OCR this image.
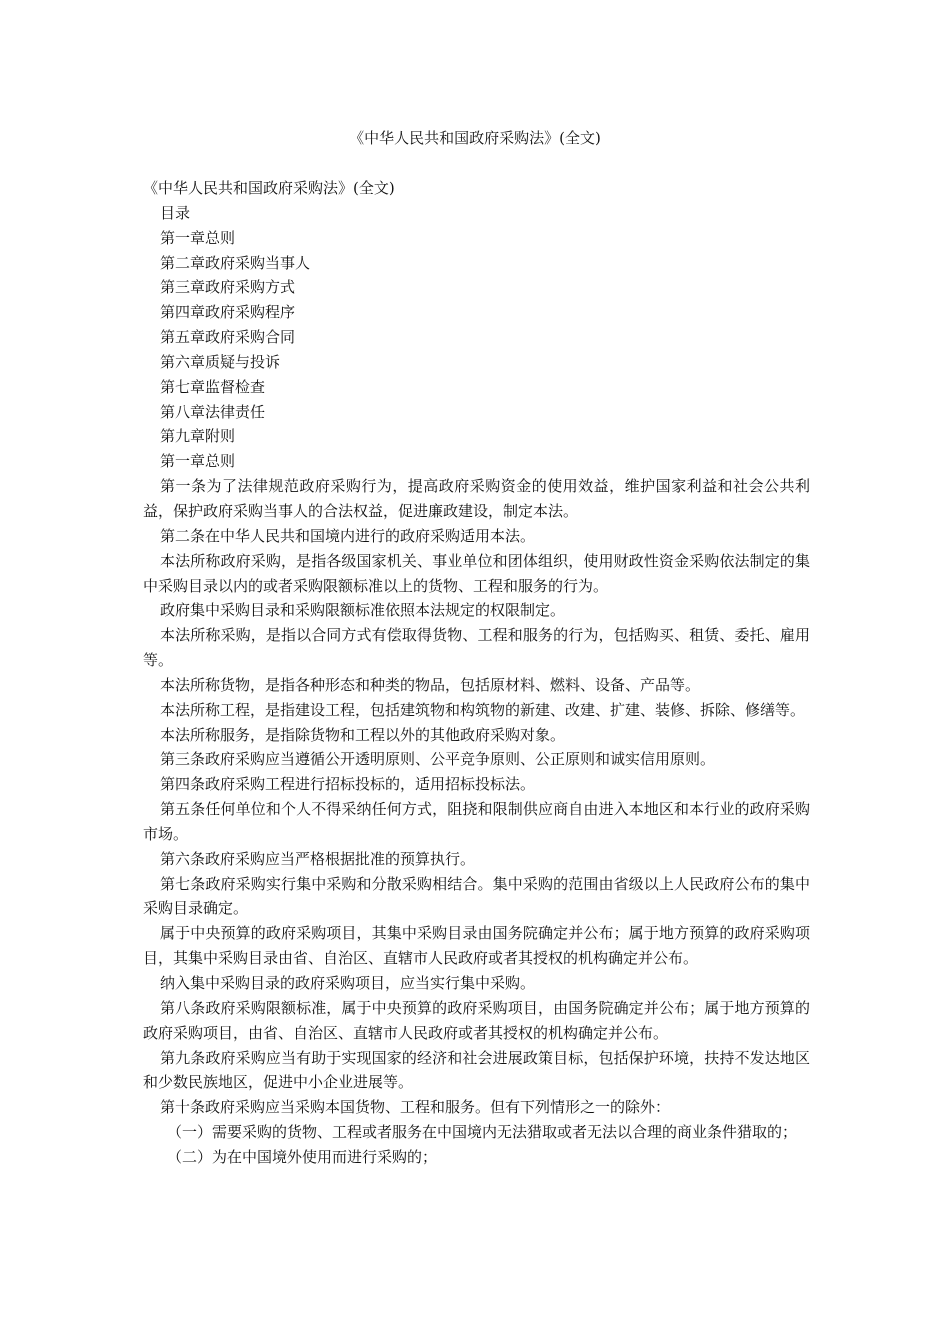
《中华人民共和国政府采购法》(全文)

《中华人民共和国政府采购法》(全文)

目录

第一章总则

第二章政府采购当事人

第三章政府采购方式

第四章政府采购程序

第五章政府采购合同

第六章质疑与投诉

第七章监督检查

第八章法律责任

第九章附则

第一章总则

第一条为了法律规范政府采购行为，提高政府采购资金的使用效益，维护国家利益和社会公共利益，保护政府采购当事人的合法权益，促进廉政建设，制定本法。

第二条在中华人民共和国境内进行的政府采购适用本法。

本法所称政府采购，是指各级国家机关、事业单位和团体组织，使用财政性资金采购依法制定的集中采购目录以内的或者采购限额标准以上的货物、工程和服务的行为。

政府集中采购目录和采购限额标准依照本法规定的权限制定。

本法所称采购，是指以合同方式有偿取得货物、工程和服务的行为，包括购买、租赁、委托、雇用等。

本法所称货物，是指各种形态和种类的物品，包括原材料、燃料、设备、产品等。

本法所称工程，是指建设工程，包括建筑物和构筑物的新建、改建、扩建、装修、拆除、修缮等。

本法所称服务，是指除货物和工程以外的其他政府采购对象。

第三条政府采购应当遵循公开透明原则、公平竞争原则、公正原则和诚实信用原则。

第四条政府采购工程进行招标投标的，适用招标投标法。

第五条任何单位和个人不得采纳任何方式，阻挠和限制供应商自由进入本地区和本行业的政府采购市场。

第六条政府采购应当严格根据批准的预算执行。

第七条政府采购实行集中采购和分散采购相结合。集中采购的范围由省级以上人民政府公布的集中采购目录确定。

属于中央预算的政府采购项目，其集中采购目录由国务院确定并公布；属于地方预算的政府采购项目，其集中采购目录由省、自治区、直辖市人民政府或者其授权的机构确定并公布。

纳入集中采购目录的政府采购项目，应当实行集中采购。

第八条政府采购限额标准，属于中央预算的政府采购项目，由国务院确定并公布；属于地方预算的政府采购项目，由省、自治区、直辖市人民政府或者其授权的机构确定并公布。

第九条政府采购应当有助于实现国家的经济和社会进展政策目标，包括保护环境，扶持不发达地区和少数民族地区，促进中小企业进展等。

第十条政府采购应当采购本国货物、工程和服务。但有下列情形之一的除外：

（一）需要采购的货物、工程或者服务在中国境内无法猎取或者无法以合理的商业条件猎取的；

（二）为在中国境外使用而进行采购的；
